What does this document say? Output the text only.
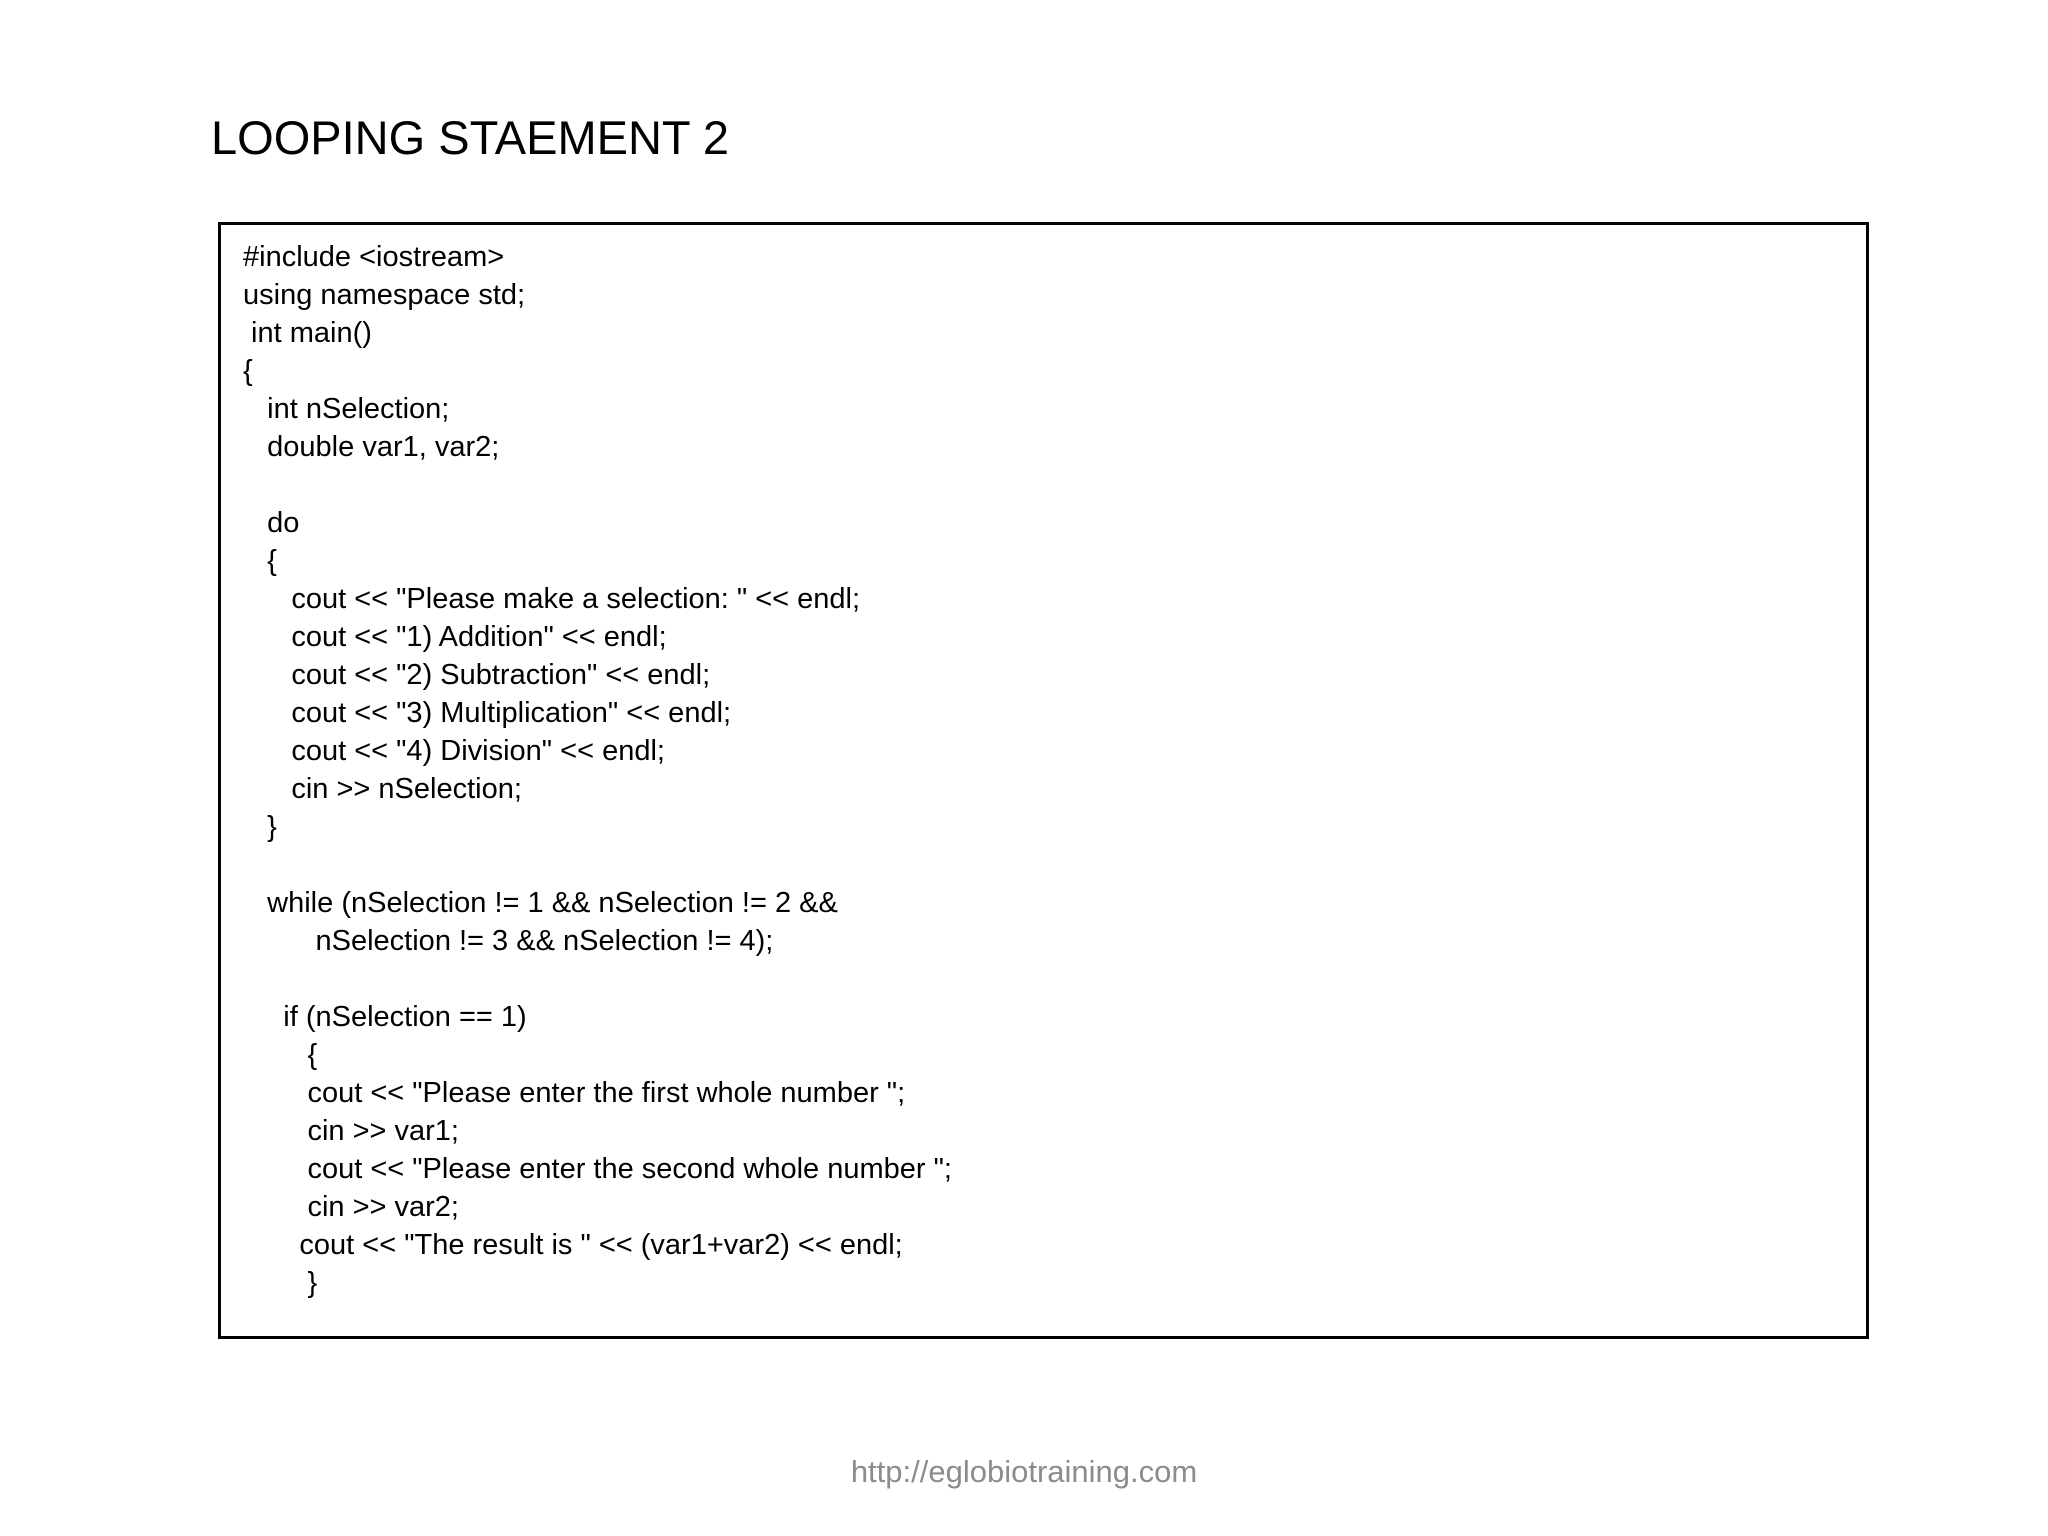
LOOPING STAEMENT 2
#include <iostream>
using namespace std;
int main()
{
int nSelection;
double var1, var2;
do
{
cout << "Please make a selection: " << endl;
cout << "1) Addition" << endl;
cout << "2) Subtraction" << endl;
cout << "3) Multiplication" << endl;
cout << "4) Division" << endl;
cin >> nSelection;
}
while (nSelection != 1 && nSelection != 2 &&
nSelection != 3 && nSelection != 4);
if (nSelection == 1)
{
cout << "Please enter the first whole number ";
cin >> var1;
cout << "Please enter the second whole number ";
cin >> var2;
cout << "The result is " << (var1+var2) << endl;
}
http://eglobiotraining.com
